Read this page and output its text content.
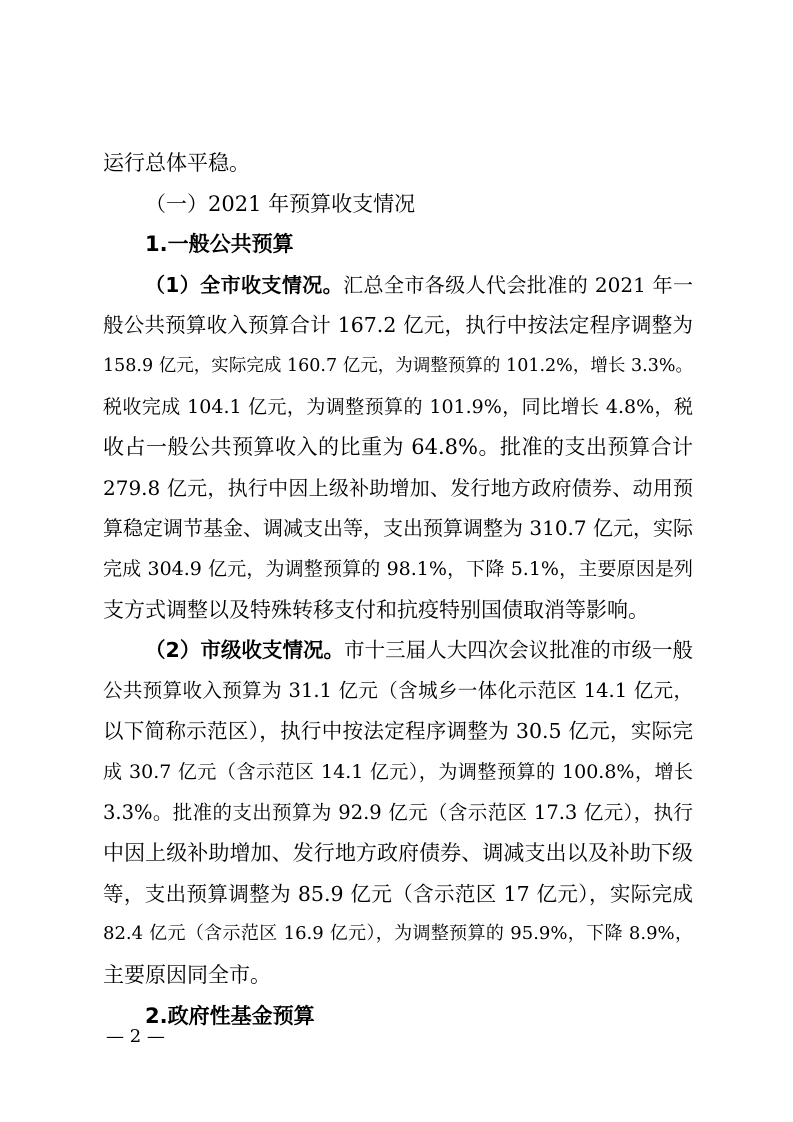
运行总体平稳。
（一）2021 年预算收支情况
1.一般公共预算
（1）全市收支情况。汇总全市各级人代会批准的 2021 年一
般公共预算收入预算合计 167.2 亿元，执行中按法定程序调整为
158.9 亿元，实际完成 160.7 亿元，为调整预算的 101.2%，增长 3.3%。
税收完成 104.1 亿元，为调整预算的 101.9%，同比增长 4.8%，税
收占一般公共预算收入的比重为 64.8%。批准的支出预算合计
279.8 亿元，执行中因上级补助增加、发行地方政府债券、动用预
算稳定调节基金、调减支出等，支出预算调整为 310.7 亿元，实际
完成 304.9 亿元，为调整预算的 98.1%，下降 5.1%，主要原因是列
支方式调整以及特殊转移支付和抗疫特别国债取消等影响。
（2）市级收支情况。市十三届人大四次会议批准的市级一般
公共预算收入预算为 31.1 亿元（含城乡一体化示范区 14.1 亿元，
以下简称示范区），执行中按法定程序调整为 30.5 亿元，实际完
成 30.7 亿元（含示范区 14.1 亿元），为调整预算的 100.8%，增长
3.3%。批准的支出预算为 92.9 亿元（含示范区 17.3 亿元），执行
中因上级补助增加、发行地方政府债券、调减支出以及补助下级
等，支出预算调整为 85.9 亿元（含示范区 17 亿元），实际完成
82.4 亿元（含示范区 16.9 亿元），为调整预算的 95.9%，下降 8.9%，
主要原因同全市。
2.政府性基金预算
— 2 —
